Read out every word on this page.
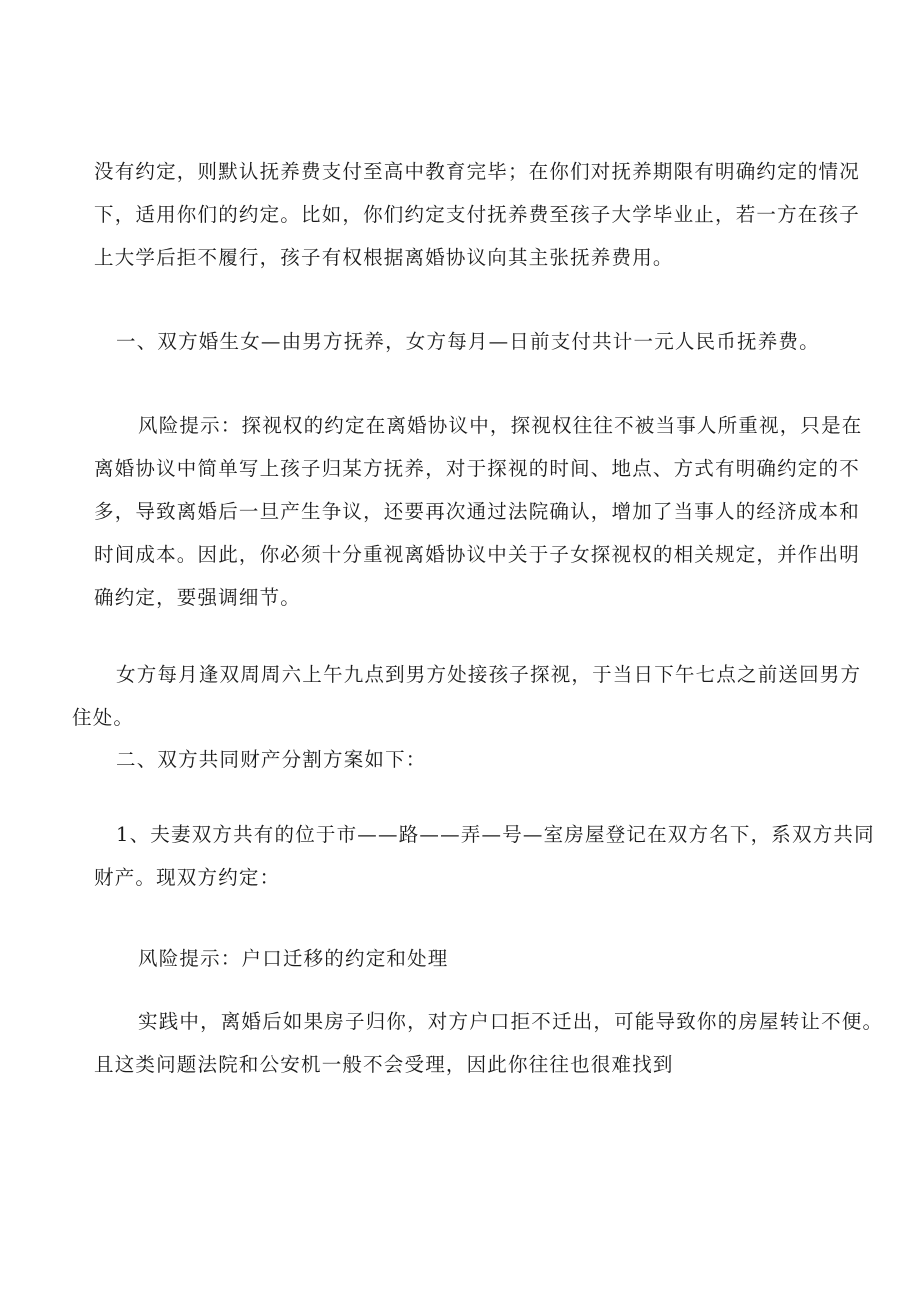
没有约定，则默认抚养费支付至高中教育完毕；在你们对抚养期限有明确约定的情况
下，适用你们的约定。比如，你们约定支付抚养费至孩子大学毕业止，若一方在孩子
上大学后拒不履行，孩子有权根据离婚协议向其主张抚养费用。
一、双方婚生女—由男方抚养，女方每月—日前支付共计一元人民币抚养费。
风险提示：探视权的约定在离婚协议中，探视权往往不被当事人所重视，只是在
离婚协议中简单写上孩子归某方抚养，对于探视的时间、地点、方式有明确约定的不
多，导致离婚后一旦产生争议，还要再次通过法院确认，增加了当事人的经济成本和
时间成本。因此，你必须十分重视离婚协议中关于子女探视权的相关规定，并作出明
确约定，要强调细节。
女方每月逢双周周六上午九点到男方处接孩子探视，于当日下午七点之前送回男方
住处。
二、双方共同财产分割方案如下：
1、夫妻双方共有的位于市——路——弄—号—室房屋登记在双方名下，系双方共同
财产。现双方约定：
风险提示：户口迁移的约定和处理
实践中，离婚后如果房子归你，对方户口拒不迁出，可能导致你的房屋转让不便。
且这类问题法院和公安机一般不会受理，因此你往往也很难找到
